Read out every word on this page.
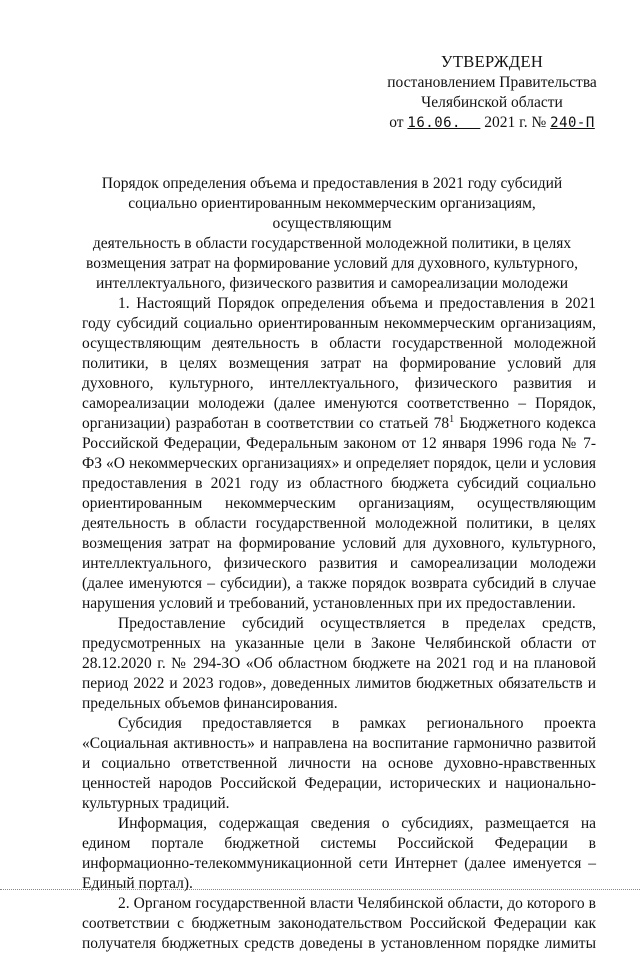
УТВЕРЖДЕН
постановлением Правительства
Челябинской области
от 16.06. 2021 г. № 240-П
Порядок определения объема и предоставления в 2021 году субсидий
социально ориентированным некоммерческим организациям, осуществляющим
деятельность в области государственной молодежной политики, в целях
возмещения затрат на формирование условий для духовного, культурного,
интеллектуального, физического развития и самореализации молодежи

1. Настоящий Порядок определения объема и предоставления в 2021 году субсидий социально ориентированным некоммерческим организациям, осуществляющим деятельность в области государственной молодежной политики, в целях возмещения затрат на формирование условий для духовного, культурного, интеллектуального, физического развития и самореализации молодежи (далее именуются соответственно – Порядок, организации) разработан в соответствии со статьей $78^1$ Бюджетного кодекса Российской Федерации, Федеральным законом от 12 января 1996 года № 7-ФЗ «О некоммерческих организациях» и определяет порядок, цели и условия предоставления в 2021 году из областного бюджета субсидий социально ориентированным некоммерческим организациям, осуществляющим деятельность в области государственной молодежной политики, в целях возмещения затрат на формирование условий для духовного, культурного, интеллектуального, физического развития и самореализации молодежи (далее именуются – субсидии), а также порядок возврата субсидий в случае нарушения условий и требований, установленных при их предоставлении.

Предоставление субсидий осуществляется в пределах средств, предусмотренных на указанные цели в Законе Челябинской области от 28.12.2020 г. № 294-ЗО «Об областном бюджете на 2021 год и на плановой период 2022 и 2023 годов», доведенных лимитов бюджетных обязательств и предельных объемов финансирования.

Субсидия предоставляется в рамках регионального проекта «Социальная активность» и направлена на воспитание гармонично развитой и социально ответственной личности на основе духовно-нравственных ценностей народов Российской Федерации, исторических и национально-культурных традиций.

Информация, содержащая сведения о субсидиях, размещается на едином портале бюджетной системы Российской Федерации в информационно-телекоммуникационной сети Интернет (далее именуется – Единый портал).

2. Органом государственной власти Челябинской области, до которого в соответствии с бюджетным законодательством Российской Федерации как получателя бюджетных средств доведены в установленном порядке лимиты
